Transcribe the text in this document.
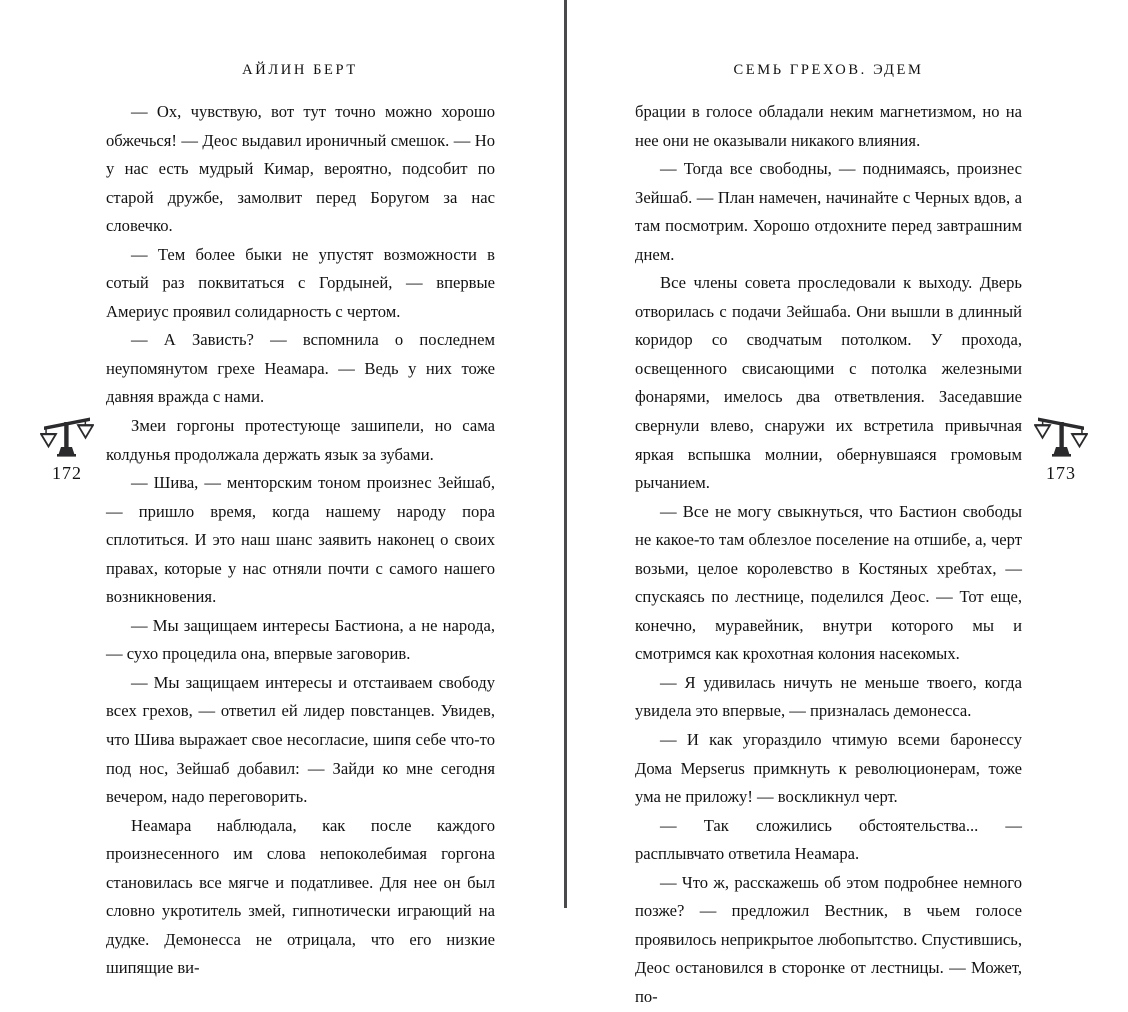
АЙЛИН БЕРТ

— Ох, чувствую, вот тут точно можно хорошо обжечься! — Деос выдавил ироничный смешок. — Но у нас есть мудрый Кимар, вероятно, подсобит по старой дружбе, замолвит перед Боругом за нас словечко.

— Тем более быки не упустят возможности в сотый раз поквитаться с Гордыней, — впервые Америус проявил солидарность с чертом.

— А Зависть? — вспомнила о последнем неупомянутом грехе Неамара. — Ведь у них тоже давняя вражда с нами.

Змеи горгоны протестующе зашипели, но сама колдунья продолжала держать язык за зубами.

— Шива, — менторским тоном произнес Зейшаб, — пришло время, когда нашему народу пора сплотиться. И это наш шанс заявить наконец о своих правах, которые у нас отняли почти с самого нашего возникновения.

— Мы защищаем интересы Бастиона, а не народа, — сухо процедила она, впервые заговорив.

— Мы защищаем интересы и отстаиваем свободу всех грехов, — ответил ей лидер повстанцев. Увидев, что Шива выражает свое несогласие, шипя себе что-то под нос, Зейшаб добавил: — Зайди ко мне сегодня вечером, надо переговорить.

Неамара наблюдала, как после каждого произнесенного им слова непоколебимая горгона становилась все мягче и податливее. Для нее он был словно укротитель змей, гипнотически играющий на дудке. Демонесса не отрицала, что его низкие шипящие ви-

172
СЕМЬ ГРЕХОВ. ЭДЕМ

брации в голосе обладали неким магнетизмом, но на нее они не оказывали никакого влияния.

— Тогда все свободны, — поднимаясь, произнес Зейшаб. — План намечен, начинайте с Черных вдов, а там посмотрим. Хорошо отдохните перед завтрашним днем.

Все члены совета проследовали к выходу. Дверь отворилась с подачи Зейшаба. Они вышли в длинный коридор со сводчатым потолком. У прохода, освещенного свисающими с потолка железными фонарями, имелось два ответвления. Заседавшие свернули влево, снаружи их встретила привычная яркая вспышка молнии, обернувшаяся громовым рычанием.

— Все не могу свыкнуться, что Бастион свободы не какое-то там облезлое поселение на отшибе, а, черт возьми, целое королевство в Костяных хребтах, — спускаясь по лестнице, поделился Деос. — Тот еще, конечно, муравейник, внутри которого мы и смотримся как крохотная колония насекомых.

— Я удивилась ничуть не меньше твоего, когда увидела это впервые, — призналась демонесса.

— И как угораздило чтимую всеми баронессу Дома Мерserus примкнуть к революционерам, тоже ума не приложу! — воскликнул черт.

— Так сложились обстоятельства... — расплывчато ответила Неамара.

— Что ж, расскажешь об этом подробнее немного позже? — предложил Вестник, в чьем голосе проявилось неприкрытое любопытство. Спустившись, Деос остановился в сторонке от лестницы. — Может, по-

173
